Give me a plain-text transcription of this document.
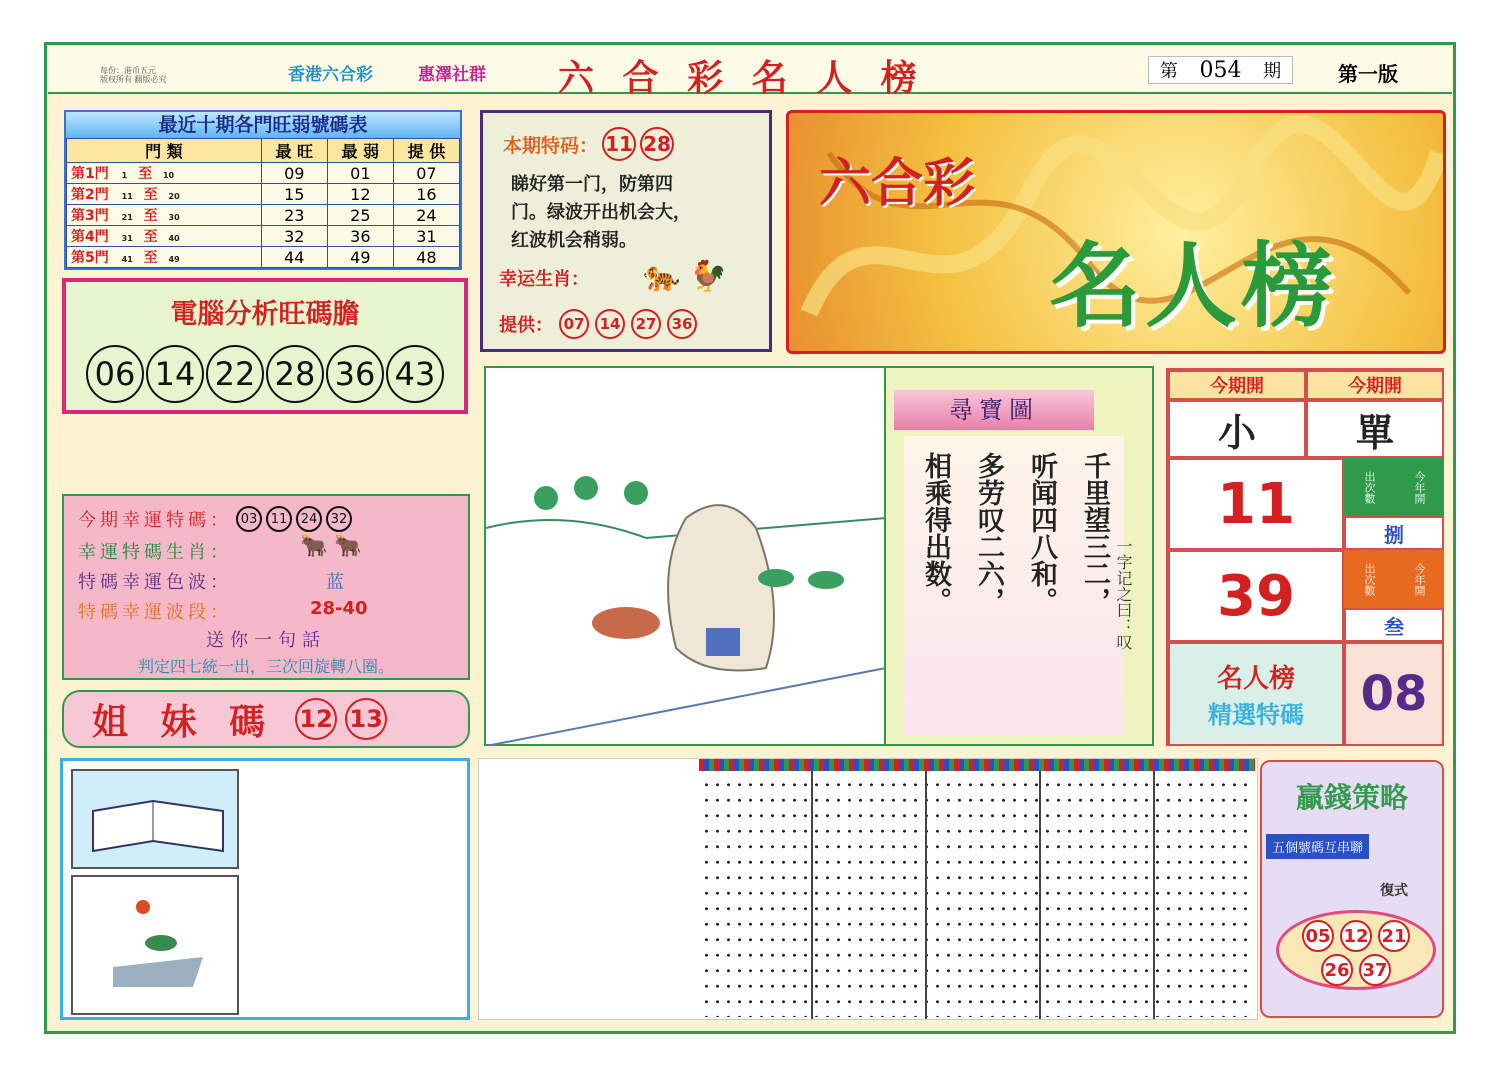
每份：港币五元
版权所有 翻版必究	香港六合彩	惠澤社群 六 合 彩 名 人 榜	第 054 期	第一版
最近十期各門旺弱號碼表
門 類	最 旺	最 弱	提 供
第1門 1 至 10	09	01	07
第2門 11 至 20	15	12	16
第3門 21 至 30	23	25	24
第4門 31 至 40	32	36	31
第5門 41 至 49	44	49	48
電腦分析旺碼膽
06 14 22 28 36 43
本期特码： 11 28
睇好第一门，防第四
门。绿波开出机会大，
红波机会稍弱。
幸运生肖： 🐅 🐓
提供： 07	14	27	36
六合彩
名人榜
今期幸運特碼： 03	11	24	32
幸運特碼生肖：	🐂 🐂
特碼幸運色波：	蓝
特碼幸運波段：	28-40
送你一句話
判定四七統一出，三次回旋轉八圈。
姐 妹 碼 12 13
尋寶圖
千里望三二，
听闻四八和。
多劳叹二六，
相乘得出数。	一字记之曰：叹
今期開	今期開
小	單
11	出次數	今年開
捌
39	出次數	今年開
叁
名人榜
精選特碼	08
贏錢策略
五個號碼互串聯
復式
05 12 21
26 37
